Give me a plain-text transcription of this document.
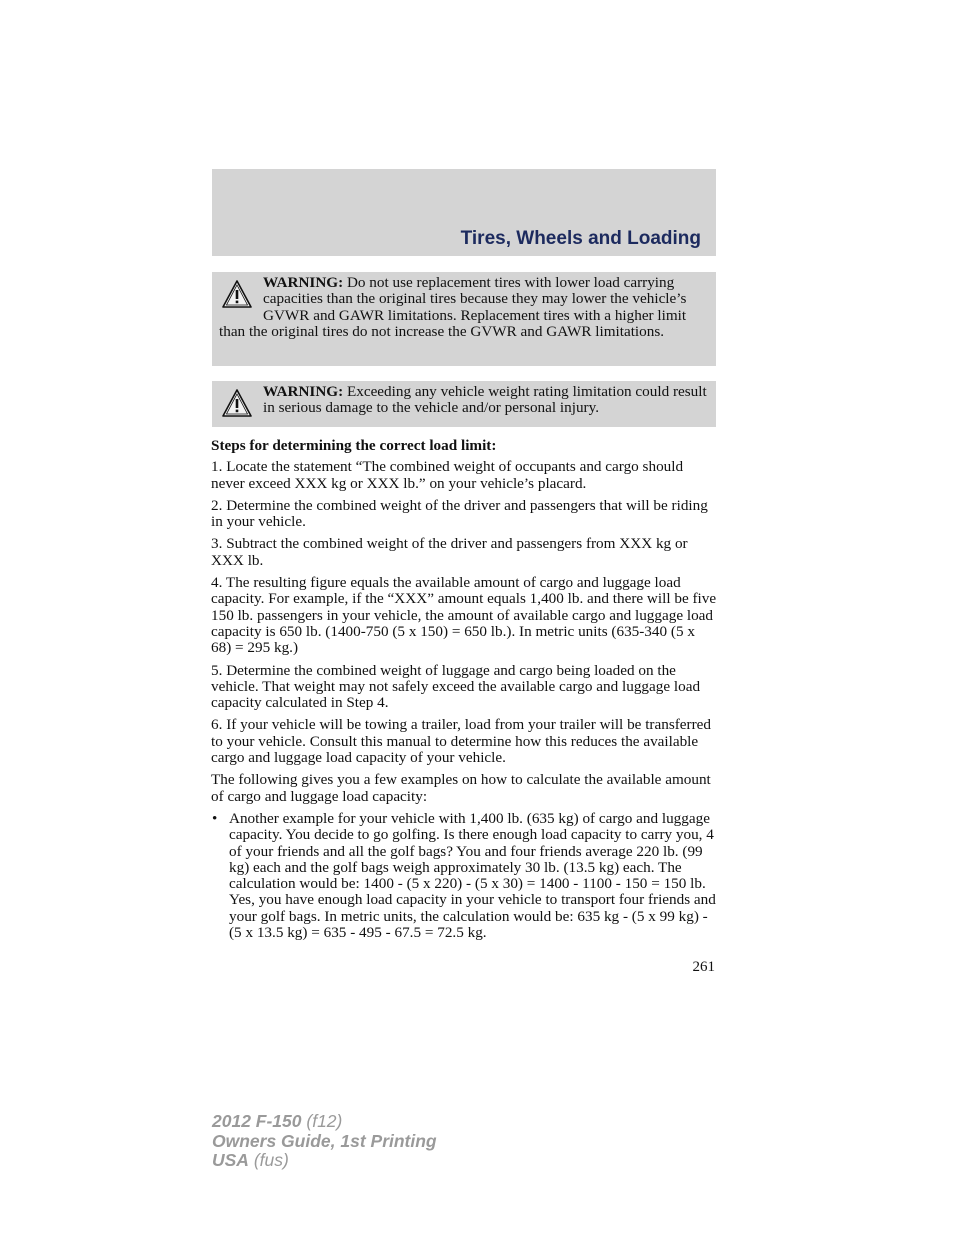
Tires, Wheels and Loading
WARNING: Do not use replacement tires with lower load carrying capacities than the original tires because they may lower the vehicle’s GVWR and GAWR limitations. Replacement tires with a higher limit than the original tires do not increase the GVWR and GAWR limitations.
WARNING: Exceeding any vehicle weight rating limitation could result in serious damage to the vehicle and/or personal injury.

Steps for determining the correct load limit:

1. Locate the statement “The combined weight of occupants and cargo should never exceed XXX kg or XXX lb.” on your vehicle’s placard.

2. Determine the combined weight of the driver and passengers that will be riding in your vehicle.

3. Subtract the combined weight of the driver and passengers from XXX kg or XXX lb.

4. The resulting figure equals the available amount of cargo and luggage load capacity. For example, if the “XXX” amount equals 1,400 lb. and there will be five 150 lb. passengers in your vehicle, the amount of available cargo and luggage load capacity is 650 lb. (1400-750 (5 x 150) = 650 lb.). In metric units (635-340 (5 x 68) = 295 kg.)

5. Determine the combined weight of luggage and cargo being loaded on the vehicle. That weight may not safely exceed the available cargo and luggage load capacity calculated in Step 4.

6. If your vehicle will be towing a trailer, load from your trailer will be transferred to your vehicle. Consult this manual to determine how this reduces the available cargo and luggage load capacity of your vehicle.

The following gives you a few examples on how to calculate the available amount of cargo and luggage load capacity:

• Another example for your vehicle with 1,400 lb. (635 kg) of cargo and luggage capacity. You decide to go golfing. Is there enough load capacity to carry you, 4 of your friends and all the golf bags? You and four friends average 220 lb. (99 kg) each and the golf bags weigh approximately 30 lb. (13.5 kg) each. The calculation would be: 1400 - (5 x 220) - (5 x 30) = 1400 - 1100 - 150 = 150 lb. Yes, you have enough load capacity in your vehicle to transport four friends and your golf bags. In metric units, the calculation would be: 635 kg - (5 x 99 kg) - (5 x 13.5 kg) = 635 - 495 - 67.5 = 72.5 kg.
261
2012 F-150 (f12)
Owners Guide, 1st Printing
USA (fus)
